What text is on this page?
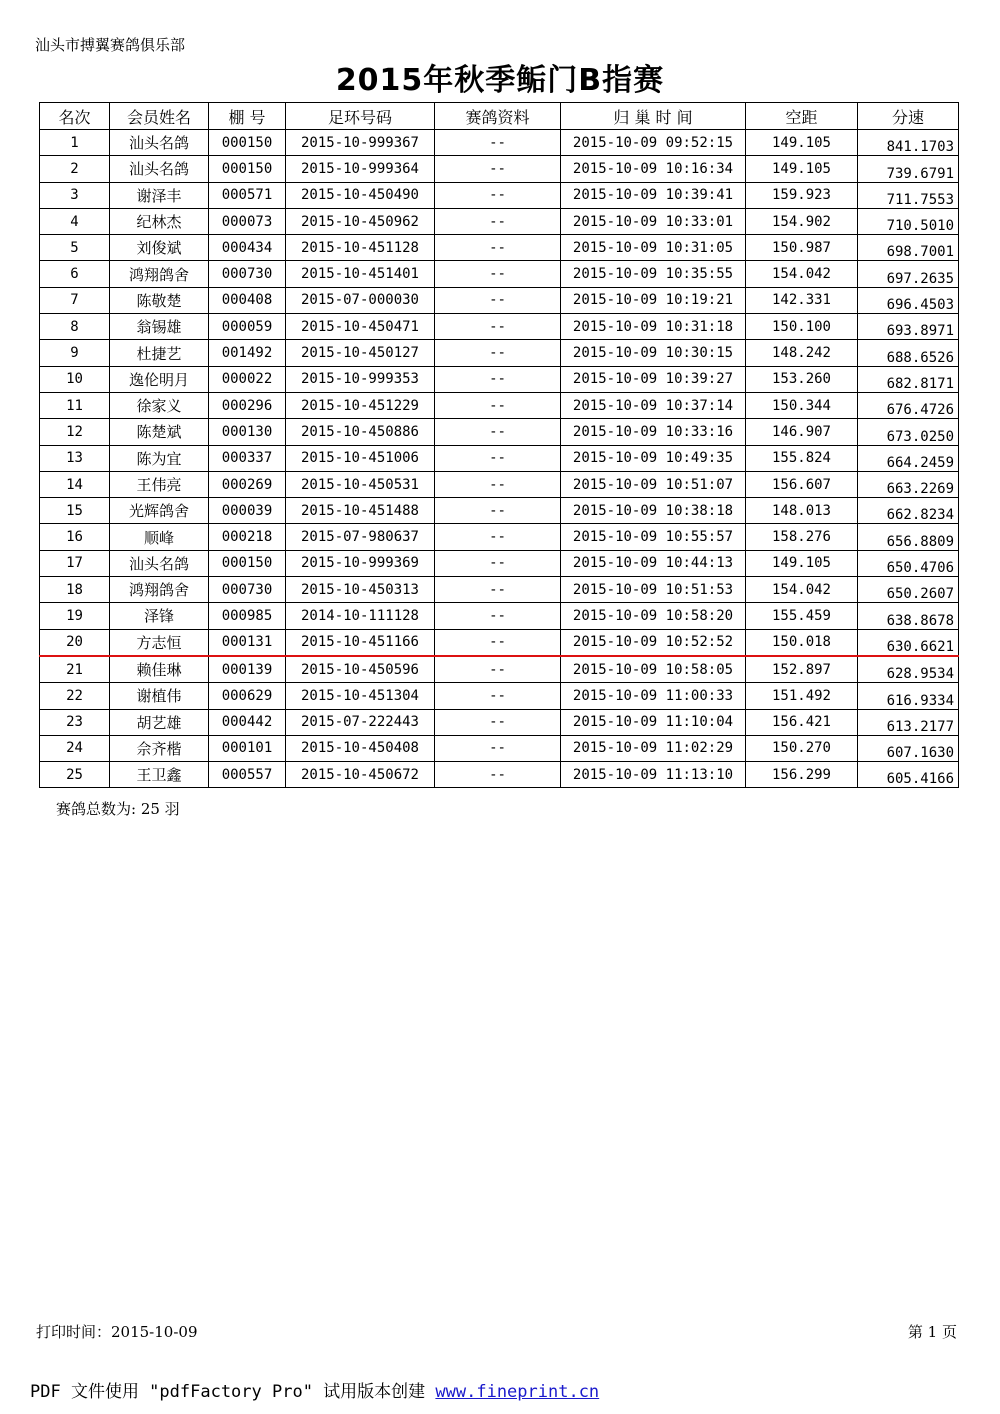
汕头市搏翼赛鸽俱乐部
2015年秋季鲘门B指赛
名次	会员姓名	棚 号	足环号码	赛鸽资料	归 巢 时 间	空距	分速
1	汕头名鸽	000150	2015-10-999367	--	2015-10-09 09:52:15	149.105	841.1703
2	汕头名鸽	000150	2015-10-999364	--	2015-10-09 10:16:34	149.105	739.6791
3	谢泽丰	000571	2015-10-450490	--	2015-10-09 10:39:41	159.923	711.7553
4	纪林杰	000073	2015-10-450962	--	2015-10-09 10:33:01	154.902	710.5010
5	刘俊斌	000434	2015-10-451128	--	2015-10-09 10:31:05	150.987	698.7001
6	鸿翔鸽舍	000730	2015-10-451401	--	2015-10-09 10:35:55	154.042	697.2635
7	陈敬楚	000408	2015-07-000030	--	2015-10-09 10:19:21	142.331	696.4503
8	翁锡雄	000059	2015-10-450471	--	2015-10-09 10:31:18	150.100	693.8971
9	杜捷艺	001492	2015-10-450127	--	2015-10-09 10:30:15	148.242	688.6526
10	逸伦明月	000022	2015-10-999353	--	2015-10-09 10:39:27	153.260	682.8171
11	徐家义	000296	2015-10-451229	--	2015-10-09 10:37:14	150.344	676.4726
12	陈楚斌	000130	2015-10-450886	--	2015-10-09 10:33:16	146.907	673.0250
13	陈为宜	000337	2015-10-451006	--	2015-10-09 10:49:35	155.824	664.2459
14	王伟亮	000269	2015-10-450531	--	2015-10-09 10:51:07	156.607	663.2269
15	光辉鸽舍	000039	2015-10-451488	--	2015-10-09 10:38:18	148.013	662.8234
16	顺峰	000218	2015-07-980637	--	2015-10-09 10:55:57	158.276	656.8809
17	汕头名鸽	000150	2015-10-999369	--	2015-10-09 10:44:13	149.105	650.4706
18	鸿翔鸽舍	000730	2015-10-450313	--	2015-10-09 10:51:53	154.042	650.2607
19	泽锋	000985	2014-10-111128	--	2015-10-09 10:58:20	155.459	638.8678
20	方志恒	000131	2015-10-451166	--	2015-10-09 10:52:52	150.018	630.6621
21	赖佳琳	000139	2015-10-450596	--	2015-10-09 10:58:05	152.897	628.9534
22	谢植伟	000629	2015-10-451304	--	2015-10-09 11:00:33	151.492	616.9334
23	胡艺雄	000442	2015-07-222443	--	2015-10-09 11:10:04	156.421	613.2177
24	佘齐楷	000101	2015-10-450408	--	2015-10-09 11:02:29	150.270	607.1630
25	王卫鑫	000557	2015-10-450672	--	2015-10-09 11:13:10	156.299	605.4166
赛鸽总数为: 25 羽
打印时间：2015-10-09	第 1 页
PDF 文件使用 "pdfFactory Pro" 试用版本创建 www.fineprint.cn
